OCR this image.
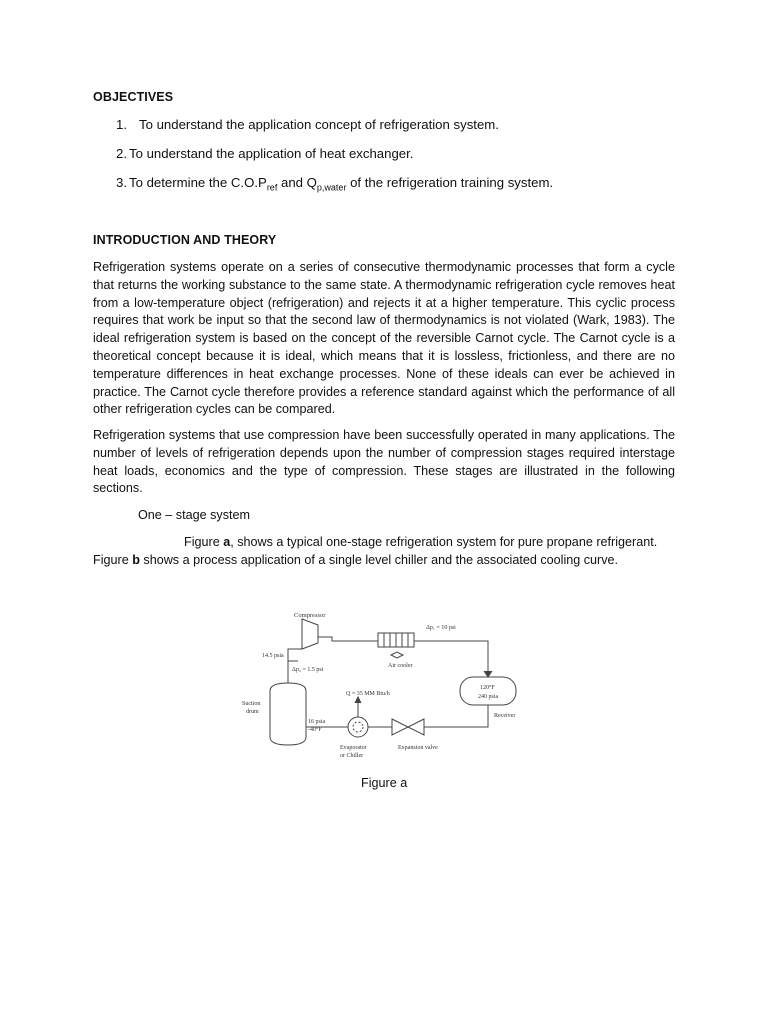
OBJECTIVES
1. To understand the application concept of refrigeration system.
2. To understand the application of heat exchanger.
3. To determine the $C.O.P_{ref}$ and $Q_{p,water}$ of the refrigeration training system.
INTRODUCTION AND THEORY

Refrigeration systems operate on a series of consecutive thermodynamic processes that form a cycle that returns the working substance to the same state. A thermodynamic refrigeration cycle removes heat from a low-temperature object (refrigeration) and rejects it at a higher temperature. This cyclic process requires that work be input so that the second law of thermodynamics is not violated (Wark, 1983). The ideal refrigeration system is based on the concept of the reversible Carnot cycle. The Carnot cycle is a theoretical concept because it is ideal, which means that it is lossless, frictionless, and there are no temperature differences in heat exchange processes. None of these ideals can ever be achieved in practice. The Carnot cycle therefore provides a reference standard against which the performance of all other refrigeration cycles can be compared.

Refrigeration systems that use compression have been successfully operated in many applications. The number of levels of refrigeration depends upon the number of compression stages required interstage heat loads, economics and the type of compression. These stages are illustrated in the following sections.

One – stage system
Figure a, shows a typical one-stage refrigeration system for pure propane refrigerant.
Figure b shows a process application of a single level chiller and the associated cooling curve.
Compressor
14.5 psia
Δp₂ = 1.5 psi
Δp₁ = 10 psi
Air cooler
Q = 35 MM Btu/h
120°F
240 psia
Receiver
Suction
drum
16 psia
-40°F
Evaporator
or Chiller
Expansion valve
Figure a
